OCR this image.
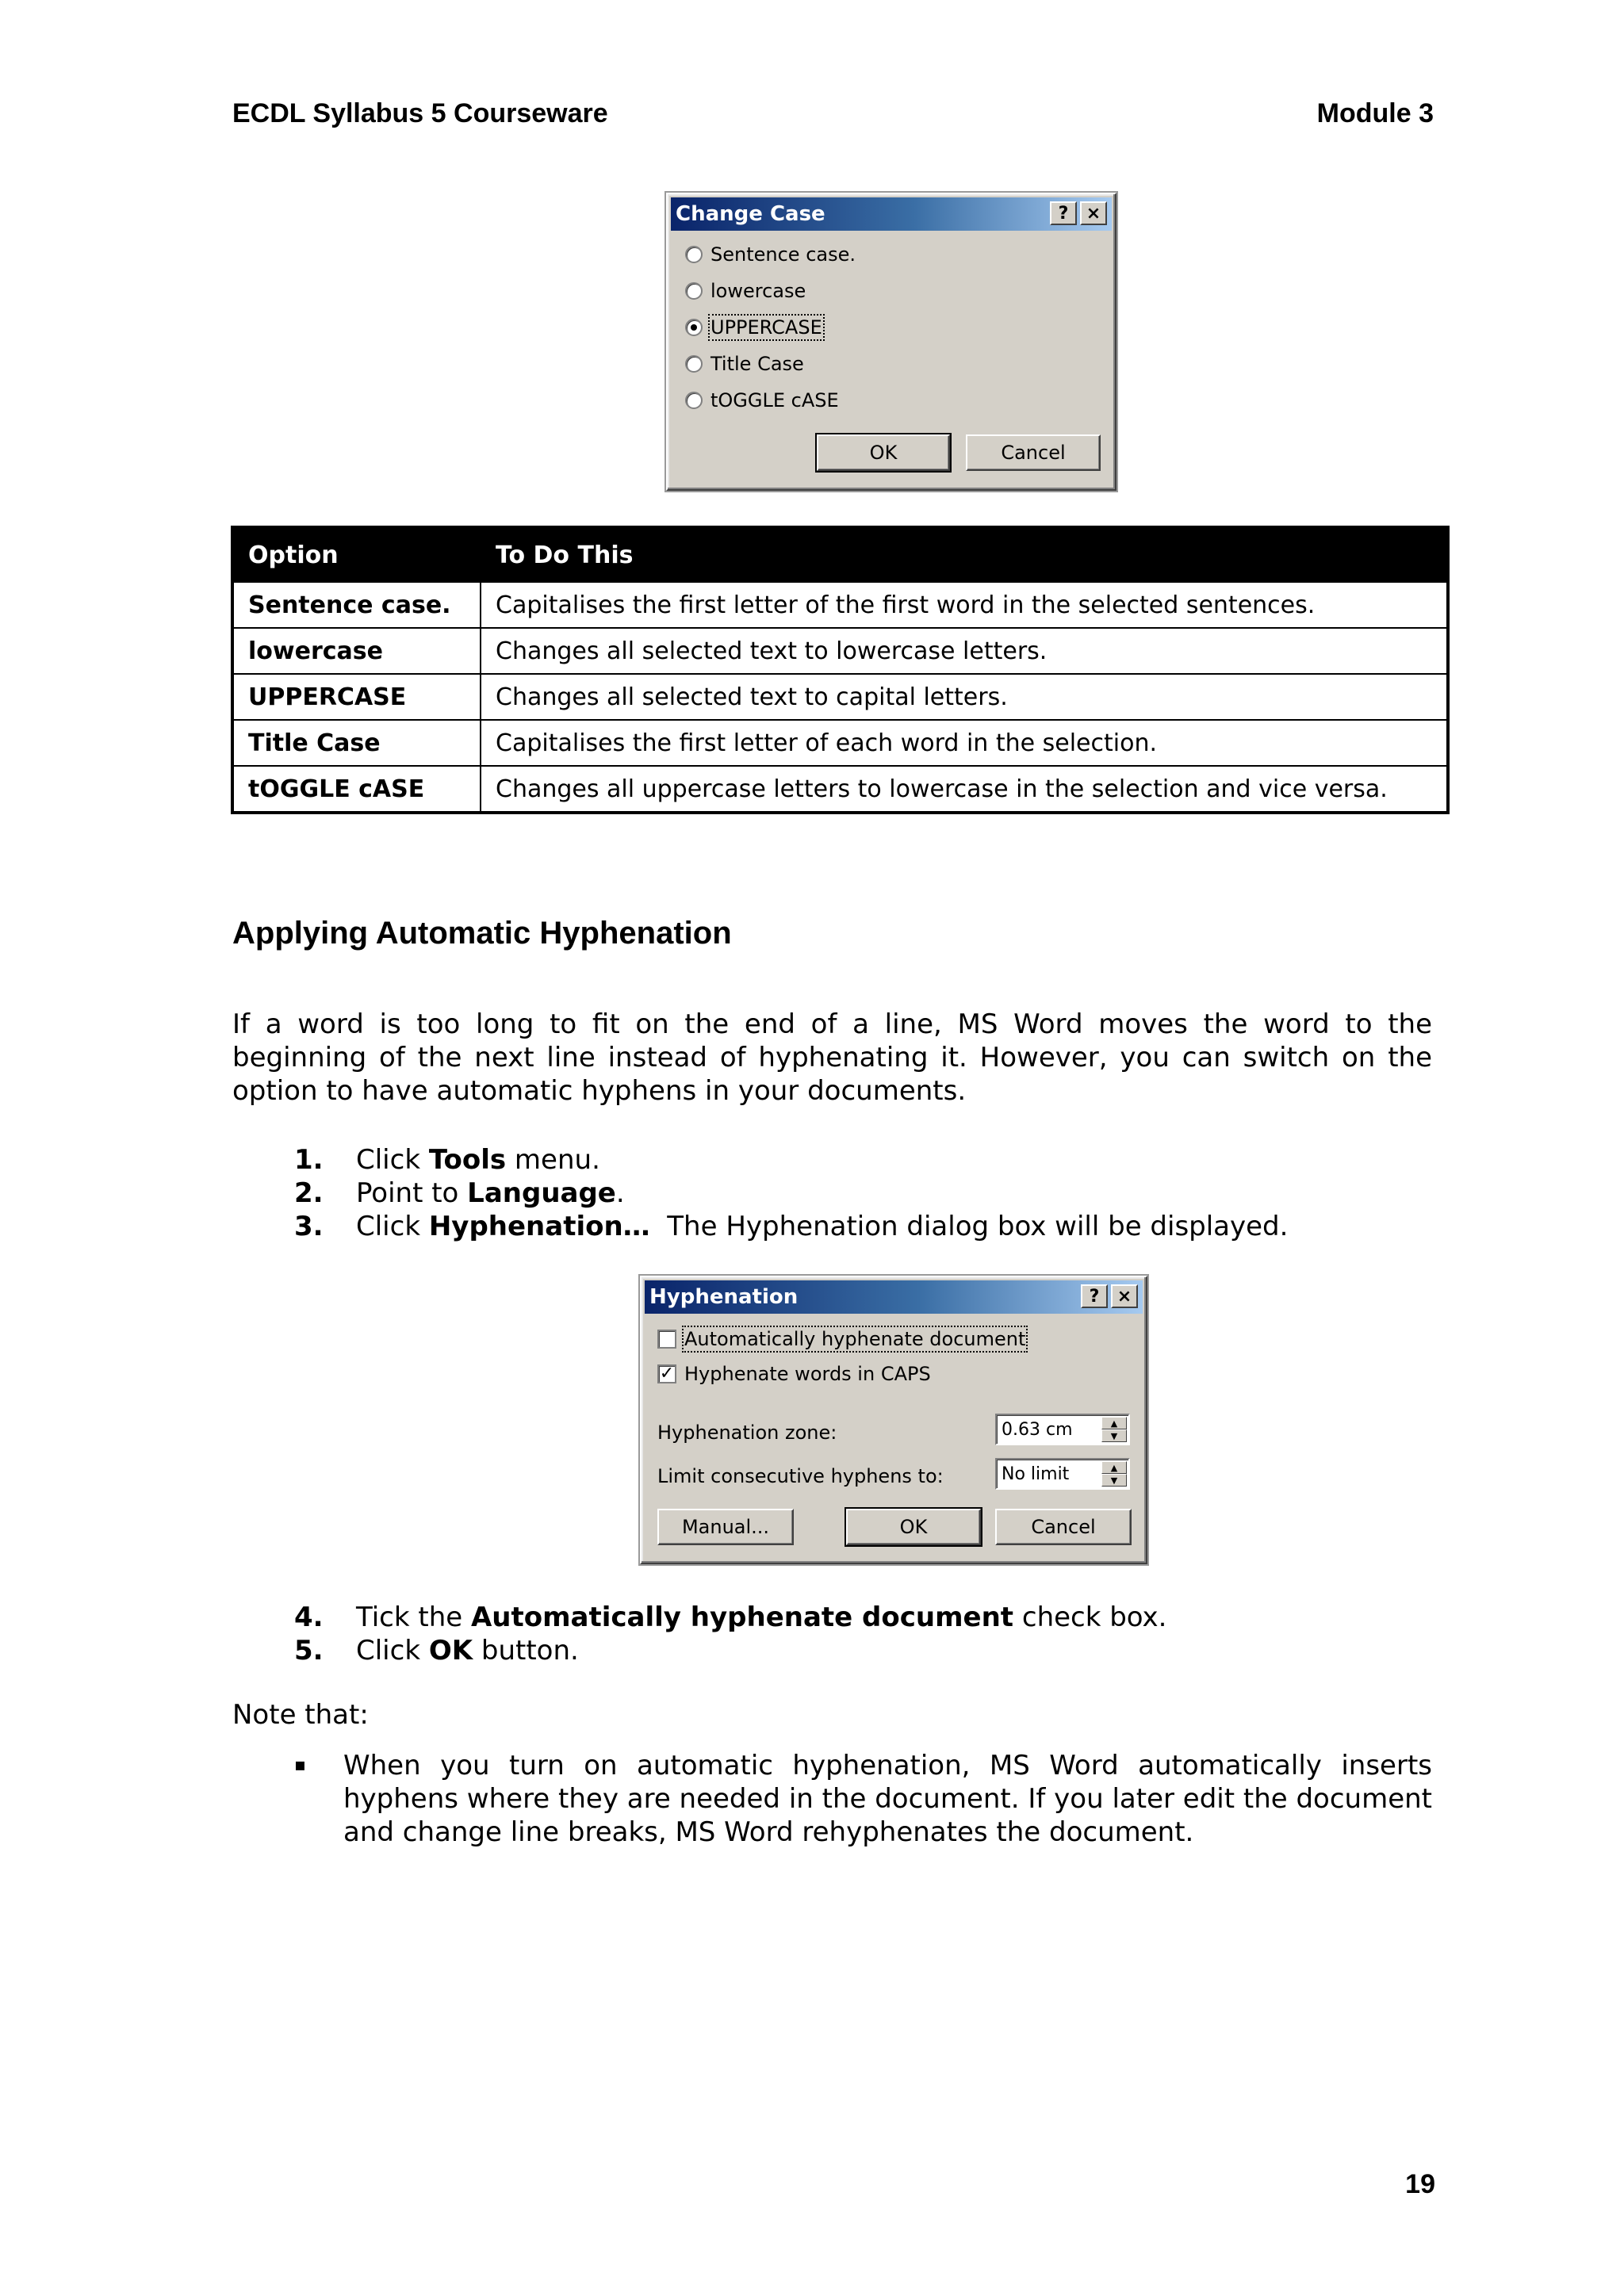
ECDL Syllabus 5 Courseware	Module 3
Change Case	?	×
Sentence case.
lowercase
UPPERCASE
Title Case
tOGGLE cASE
OK	Cancel
Option	To Do This
Sentence case.	Capitalises the first letter of the first word in the selected sentences.
lowercase	Changes all selected text to lowercase letters.
UPPERCASE	Changes all selected text to capital letters.
Title Case	Capitalises the first letter of each word in the selection.
tOGGLE cASE	Changes all uppercase letters to lowercase in the selection and vice versa.
Applying Automatic Hyphenation
If a word is too long to fit on the end of a line, MS Word moves the word to the beginning of the next line instead of hyphenating it. However, you can switch on the option to have automatic hyphens in your documents.
1.	Click Tools menu.
2.	Point to Language.
3.	Click Hyphenation…  The Hyphenation dialog box will be displayed.
Hyphenation	?	×
Automatically hyphenate document
✓ Hyphenate words in CAPS
Hyphenation zone:	0.63 cm	▲
▼
Limit consecutive hyphens to:	No limit	▲
▼
Manual...	OK	Cancel
4.	Tick the Automatically hyphenate document check box.
5.	Click OK button.
Note that:
▪	When you turn on automatic hyphenation, MS Word automatically inserts hyphens where they are needed in the document. If you later edit the document and change line breaks, MS Word rehyphenates the document.
19
